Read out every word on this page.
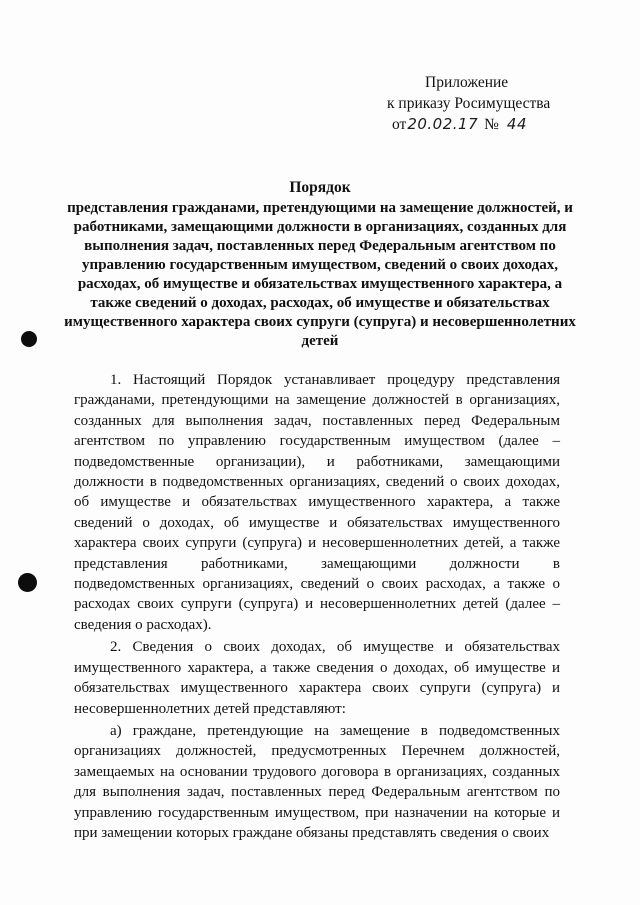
Приложение
к приказу Росимущества
от20.02.17 № 44
Порядок
представления гражданами, претендующими на замещение должностей, и работниками, замещающими должности в организациях, созданных для выполнения задач, поставленных перед Федеральным агентством по управлению государственным имуществом, сведений о своих доходах, расходах, об имуществе и обязательствах имущественного характера, а также сведений о доходах, расходах, об имуществе и обязательствах имущественного характера своих супруги (супруга) и несовершеннолетних детей

1. Настоящий Порядок устанавливает процедуру представления гражданами, претендующими на замещение должностей в организациях, созданных для выполнения задач, поставленных перед Федеральным агентством по управлению государственным имуществом (далее – подведомственные организации), и работниками, замещающими должности в подведомственных организациях, сведений о своих доходах, об имуществе и обязательствах имущественного характера, а также сведений о доходах, об имуществе и обязательствах имущественного характера своих супруги (супруга) и несовершеннолетних детей, а также представления работниками, замещающими должности в подведомственных организациях, сведений о своих расходах, а также о расходах своих супруги (супруга) и несовершеннолетних детей (далее – сведения о расходах).

2. Сведения о своих доходах, об имуществе и обязательствах имущественного характера, а также сведения о доходах, об имуществе и обязательствах имущественного характера своих супруги (супруга) и несовершеннолетних детей представляют:

а) граждане, претендующие на замещение в подведомственных организациях должностей, предусмотренных Перечнем должностей, замещаемых на основании трудового договора в организациях, созданных для выполнения задач, поставленных перед Федеральным агентством по управлению государственным имуществом, при назначении на которые и при замещении которых граждане обязаны представлять сведения о своих
